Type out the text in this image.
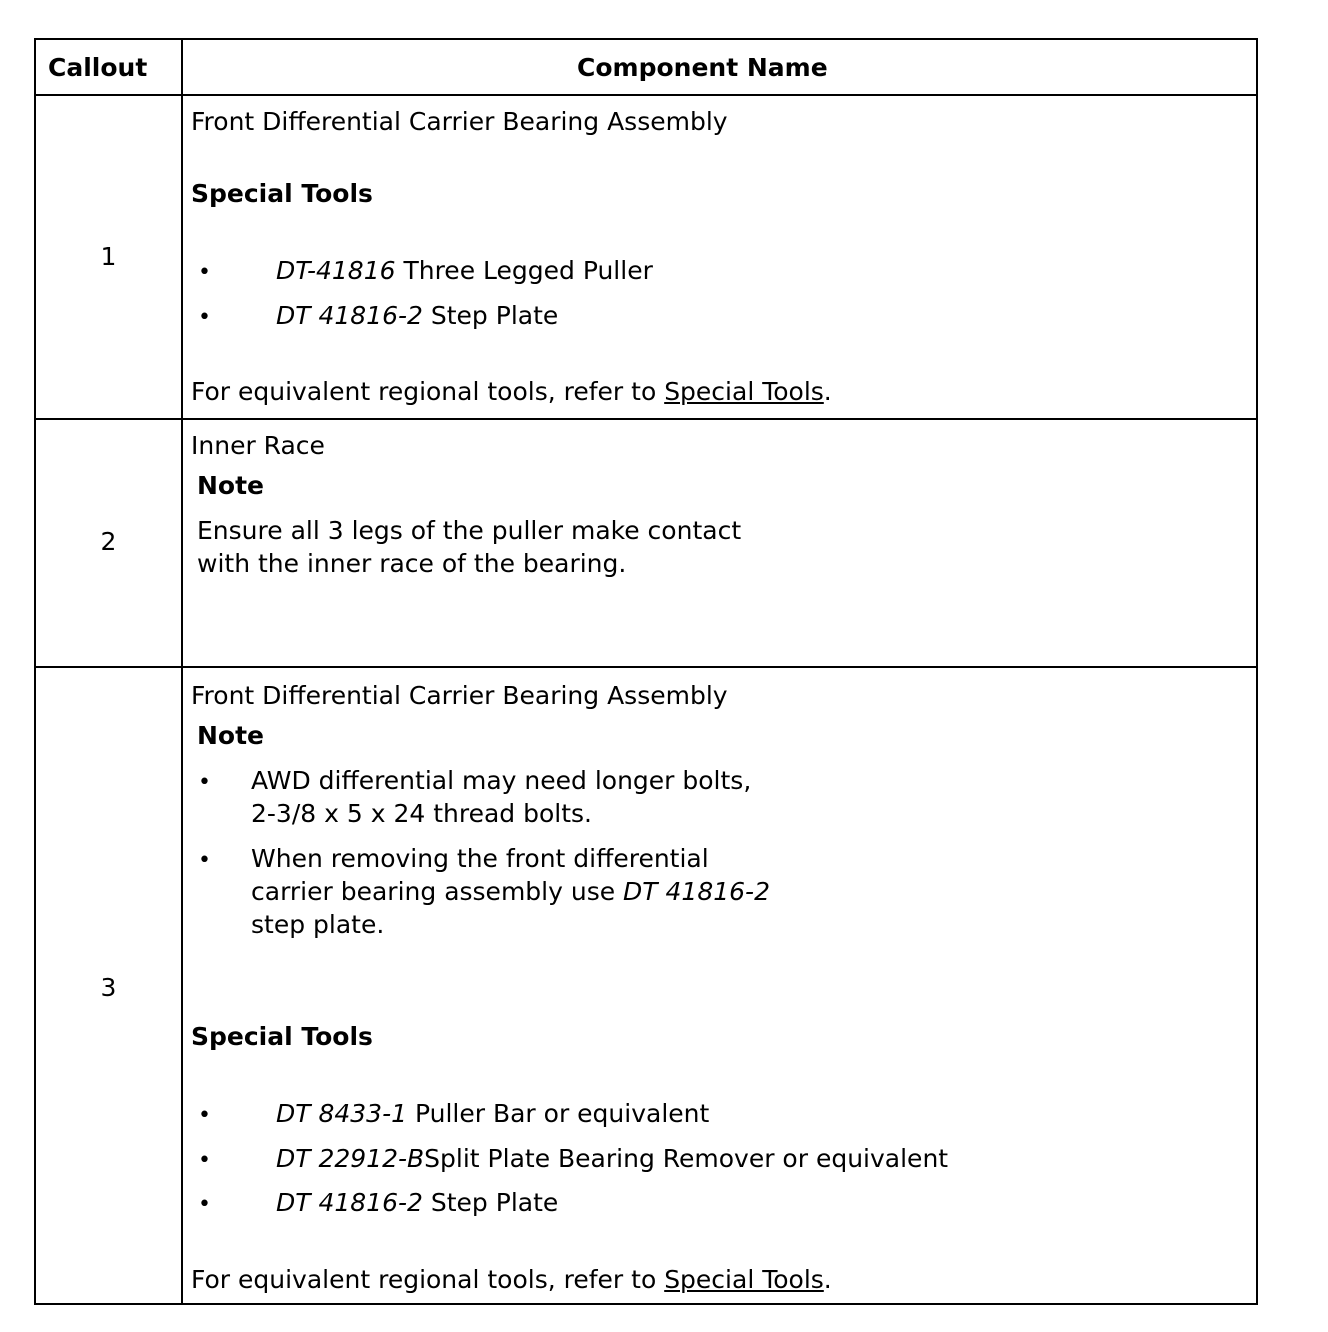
Callout	Component Name
1
Front Differential Carrier Bearing Assembly
Special Tools
•	DT-41816 Three Legged Puller
•	DT 41816-2 Step Plate
For equivalent regional tools, refer to Special Tools.
2
Inner Race
Note
Ensure all 3 legs of the puller make contact
with the inner race of the bearing.
3
Front Differential Carrier Bearing Assembly
Note
• AWD differential may need longer bolts,
2-3/8 x 5 x 24 thread bolts.
• When removing the front differential
carrier bearing assembly use DT 41816-2
step plate.
Special Tools
•	DT 8433-1 Puller Bar or equivalent
•	DT 22912-BSplit Plate Bearing Remover or equivalent
•	DT 41816-2 Step Plate
For equivalent regional tools, refer to Special Tools.
